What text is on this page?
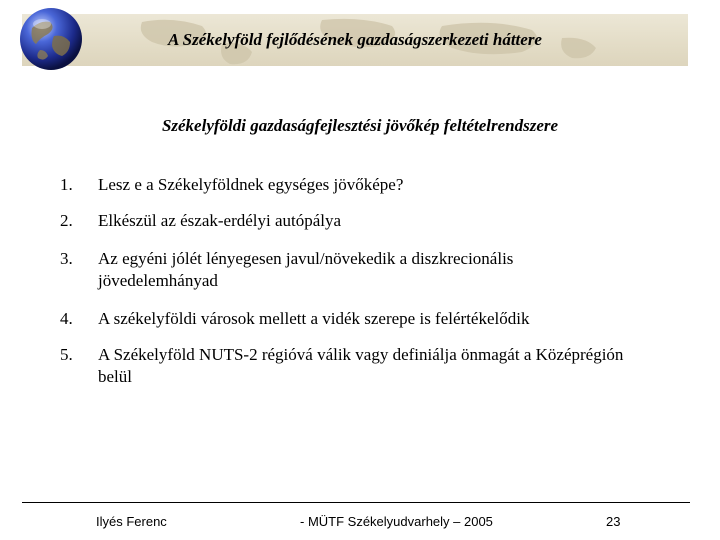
A Székelyföld fejlődésének gazdaságszerkezeti háttere
Székelyföldi gazdaságfejlesztési jövőkép feltételrendszere
1.	Lesz e a Székelyföldnek egységes jövőképe?
2.	Elkészül az észak-erdélyi autópálya
3.	Az egyéni jólét lényegesen javul/növekedik a diszkrecionális jövedelemhányad
4.	A székelyföldi városok mellett a vidék szerepe is felértékelődik
5.	A Székelyföld NUTS-2 régióvá válik vagy definiálja önmagát a Középrégión belül
Ilyés Ferenc	- MÜTF Székelyudvarhely – 2005	23
